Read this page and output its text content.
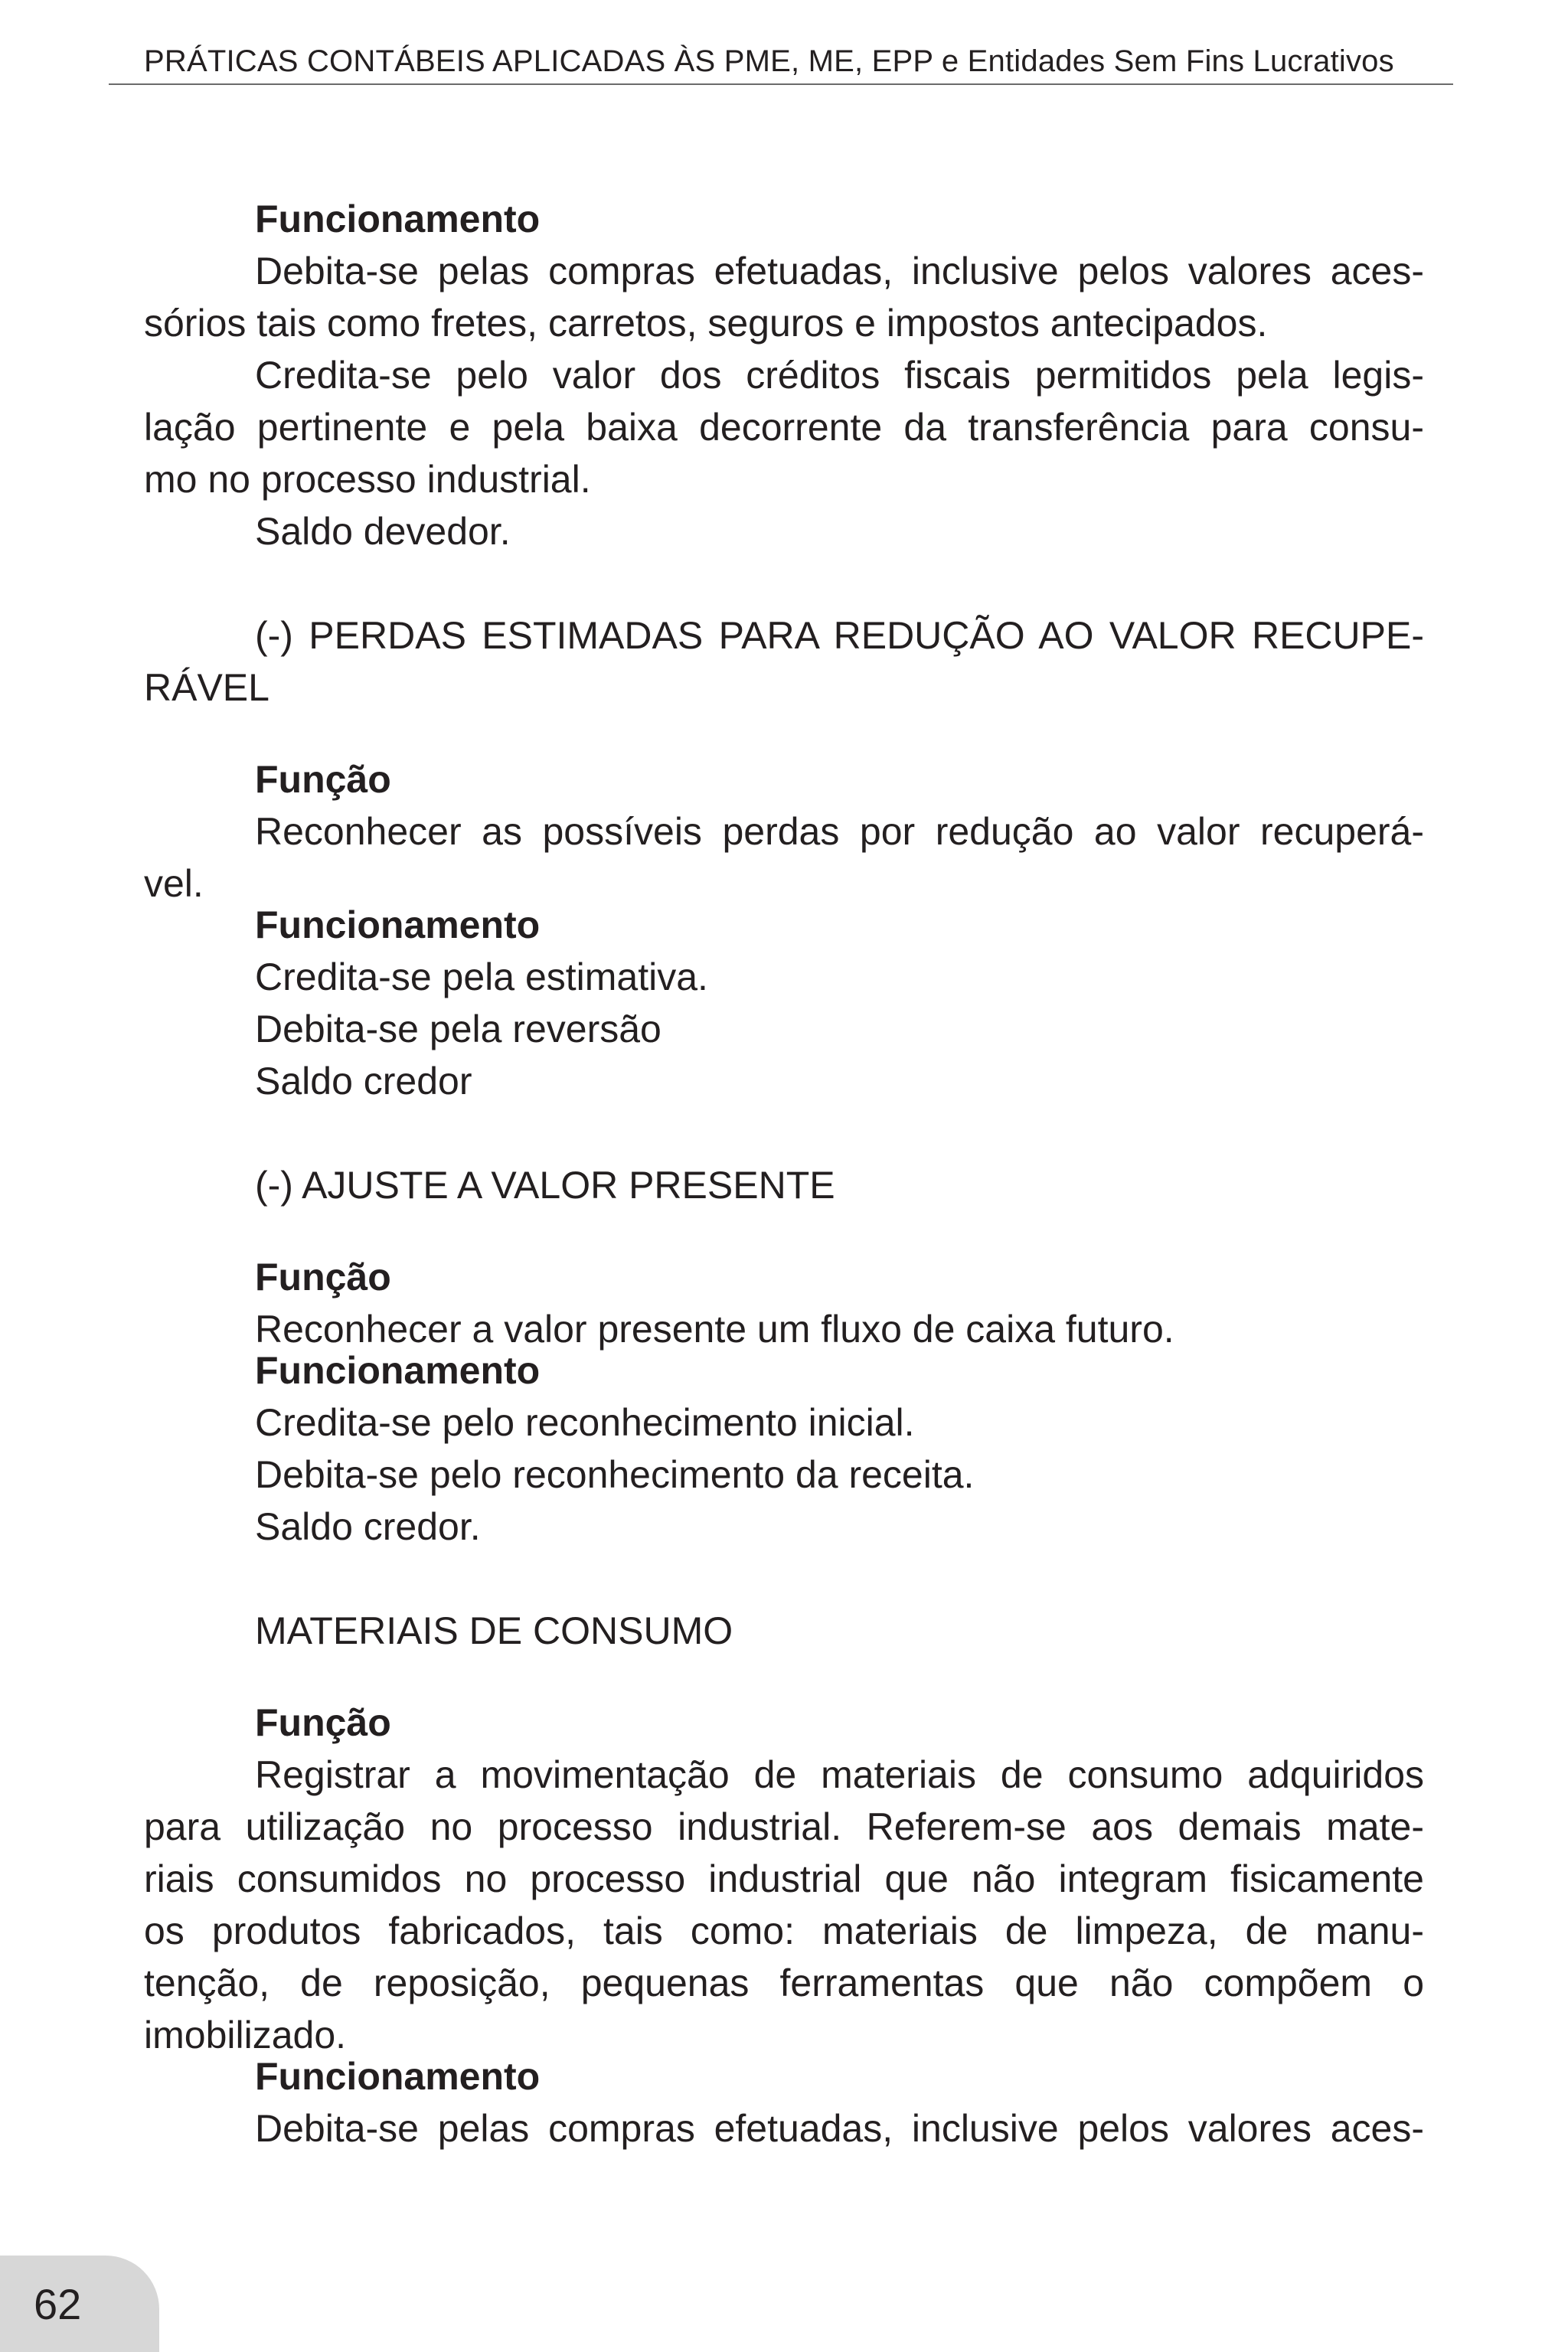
PRÁTICAS CONTÁBEIS APLICADAS ÀS PME, ME, EPP e Entidades Sem Fins Lucrativos

Funcionamento

Debita-se pelas compras efetuadas, inclusive pelos valores aces-

sórios tais como fretes, carretos, seguros e impostos antecipados.

Credita-se pelo valor dos créditos fiscais permitidos pela legis-

lação pertinente e pela baixa decorrente da transferência para consu-

mo no processo industrial.

Saldo devedor.

(-) PERDAS ESTIMADAS PARA REDUÇÃO AO VALOR RECUPE-

RÁVEL

Função

Reconhecer as possíveis perdas por redução ao valor recuperá-

vel.

Funcionamento

Credita-se pela estimativa.

Debita-se pela reversão

Saldo credor

(-) AJUSTE A VALOR PRESENTE

Função

Reconhecer a valor presente um fluxo de caixa futuro.

Funcionamento

Credita-se pelo reconhecimento inicial.

Debita-se pelo reconhecimento da receita.

Saldo credor.

MATERIAIS DE CONSUMO

Função

Registrar a movimentação de materiais de consumo adquiridos

para utilização no processo industrial. Referem-se aos demais mate-

riais consumidos no processo industrial que não integram fisicamente

os produtos fabricados, tais como: materiais de limpeza, de manu-

tenção, de reposição, pequenas ferramentas que não compõem o

imobilizado.

Funcionamento

Debita-se pelas compras efetuadas, inclusive pelos valores aces-

62
